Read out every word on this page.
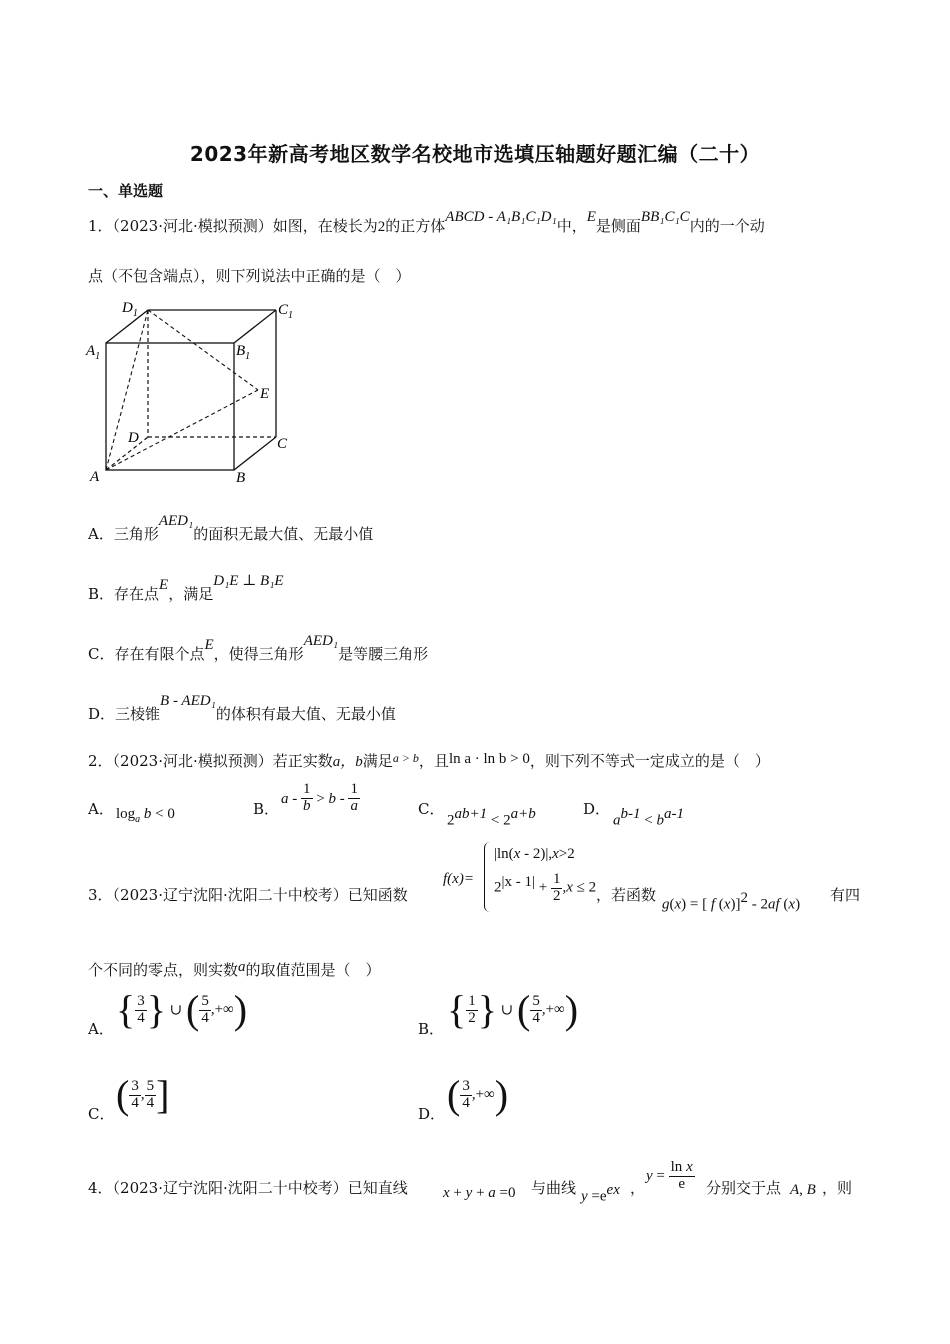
2023年新高考地区数学名校地市选填压轴题好题汇编（二十）
一、单选题
1．（2023·河北·模拟预测）如图，在棱长为2的正方体ABCD - A₁B₁C₁D₁中，E是侧面BB₁C₁C内的一个动
点（不包含端点），则下列说法中正确的是（　）
$D_1$	$C_1$
$A_1$	$B_1$
E
D	C
A	B
A．三角形AED₁的面积无最大值、无最小值
B．存在点E，满足D₁E ⊥ B₁E
C．存在有限个点E，使得三角形AED₁是等腰三角形
D．三棱锥B - AED₁的体积有最大值、无最小值
2．（2023·河北·模拟预测）若正实数a，b满足$^{a > b}$，且ln a · ln b > 0，则下列不等式一定成立的是（　）
A． $\log_a b < 0$	B．
$a - \frac{1}{b} > b - \frac{1}{a}$	C．
$2^{ab+1} < 2^{a+b}$	D．
$a^{b-1} < b^{a-1}$
3．（2023·辽宁沈阳·沈阳二十中校考）已知函数
f(x)=
|ln(x - 2)|,x>2
$2^{|x - 1|} + \frac{1}{2} ,x \le 2$ ，若函数
g(x) = [ f (x)]$^2$ - 2af (x)
有四
个不同的零点，则实数a的取值范围是（　）
A． { $\frac{3}{4}$ } ∪ ( $\frac{5}{4}$ ,+∞)	B． { $\frac{1}{2}$ } ∪ ( $\frac{5}{4}$ ,+∞)
C． ( $\frac{3}{4}$ , $\frac{5}{4}$ ]	D． ( $\frac{3}{4}$ ,+∞)
4．（2023·辽宁沈阳·沈阳二十中校考）已知直线 x + y + a =0 与曲线 $y =e^{ex}$ ，
$y = \frac{\text{ln x}}{e}$ 分别交于点 A, B ，则
